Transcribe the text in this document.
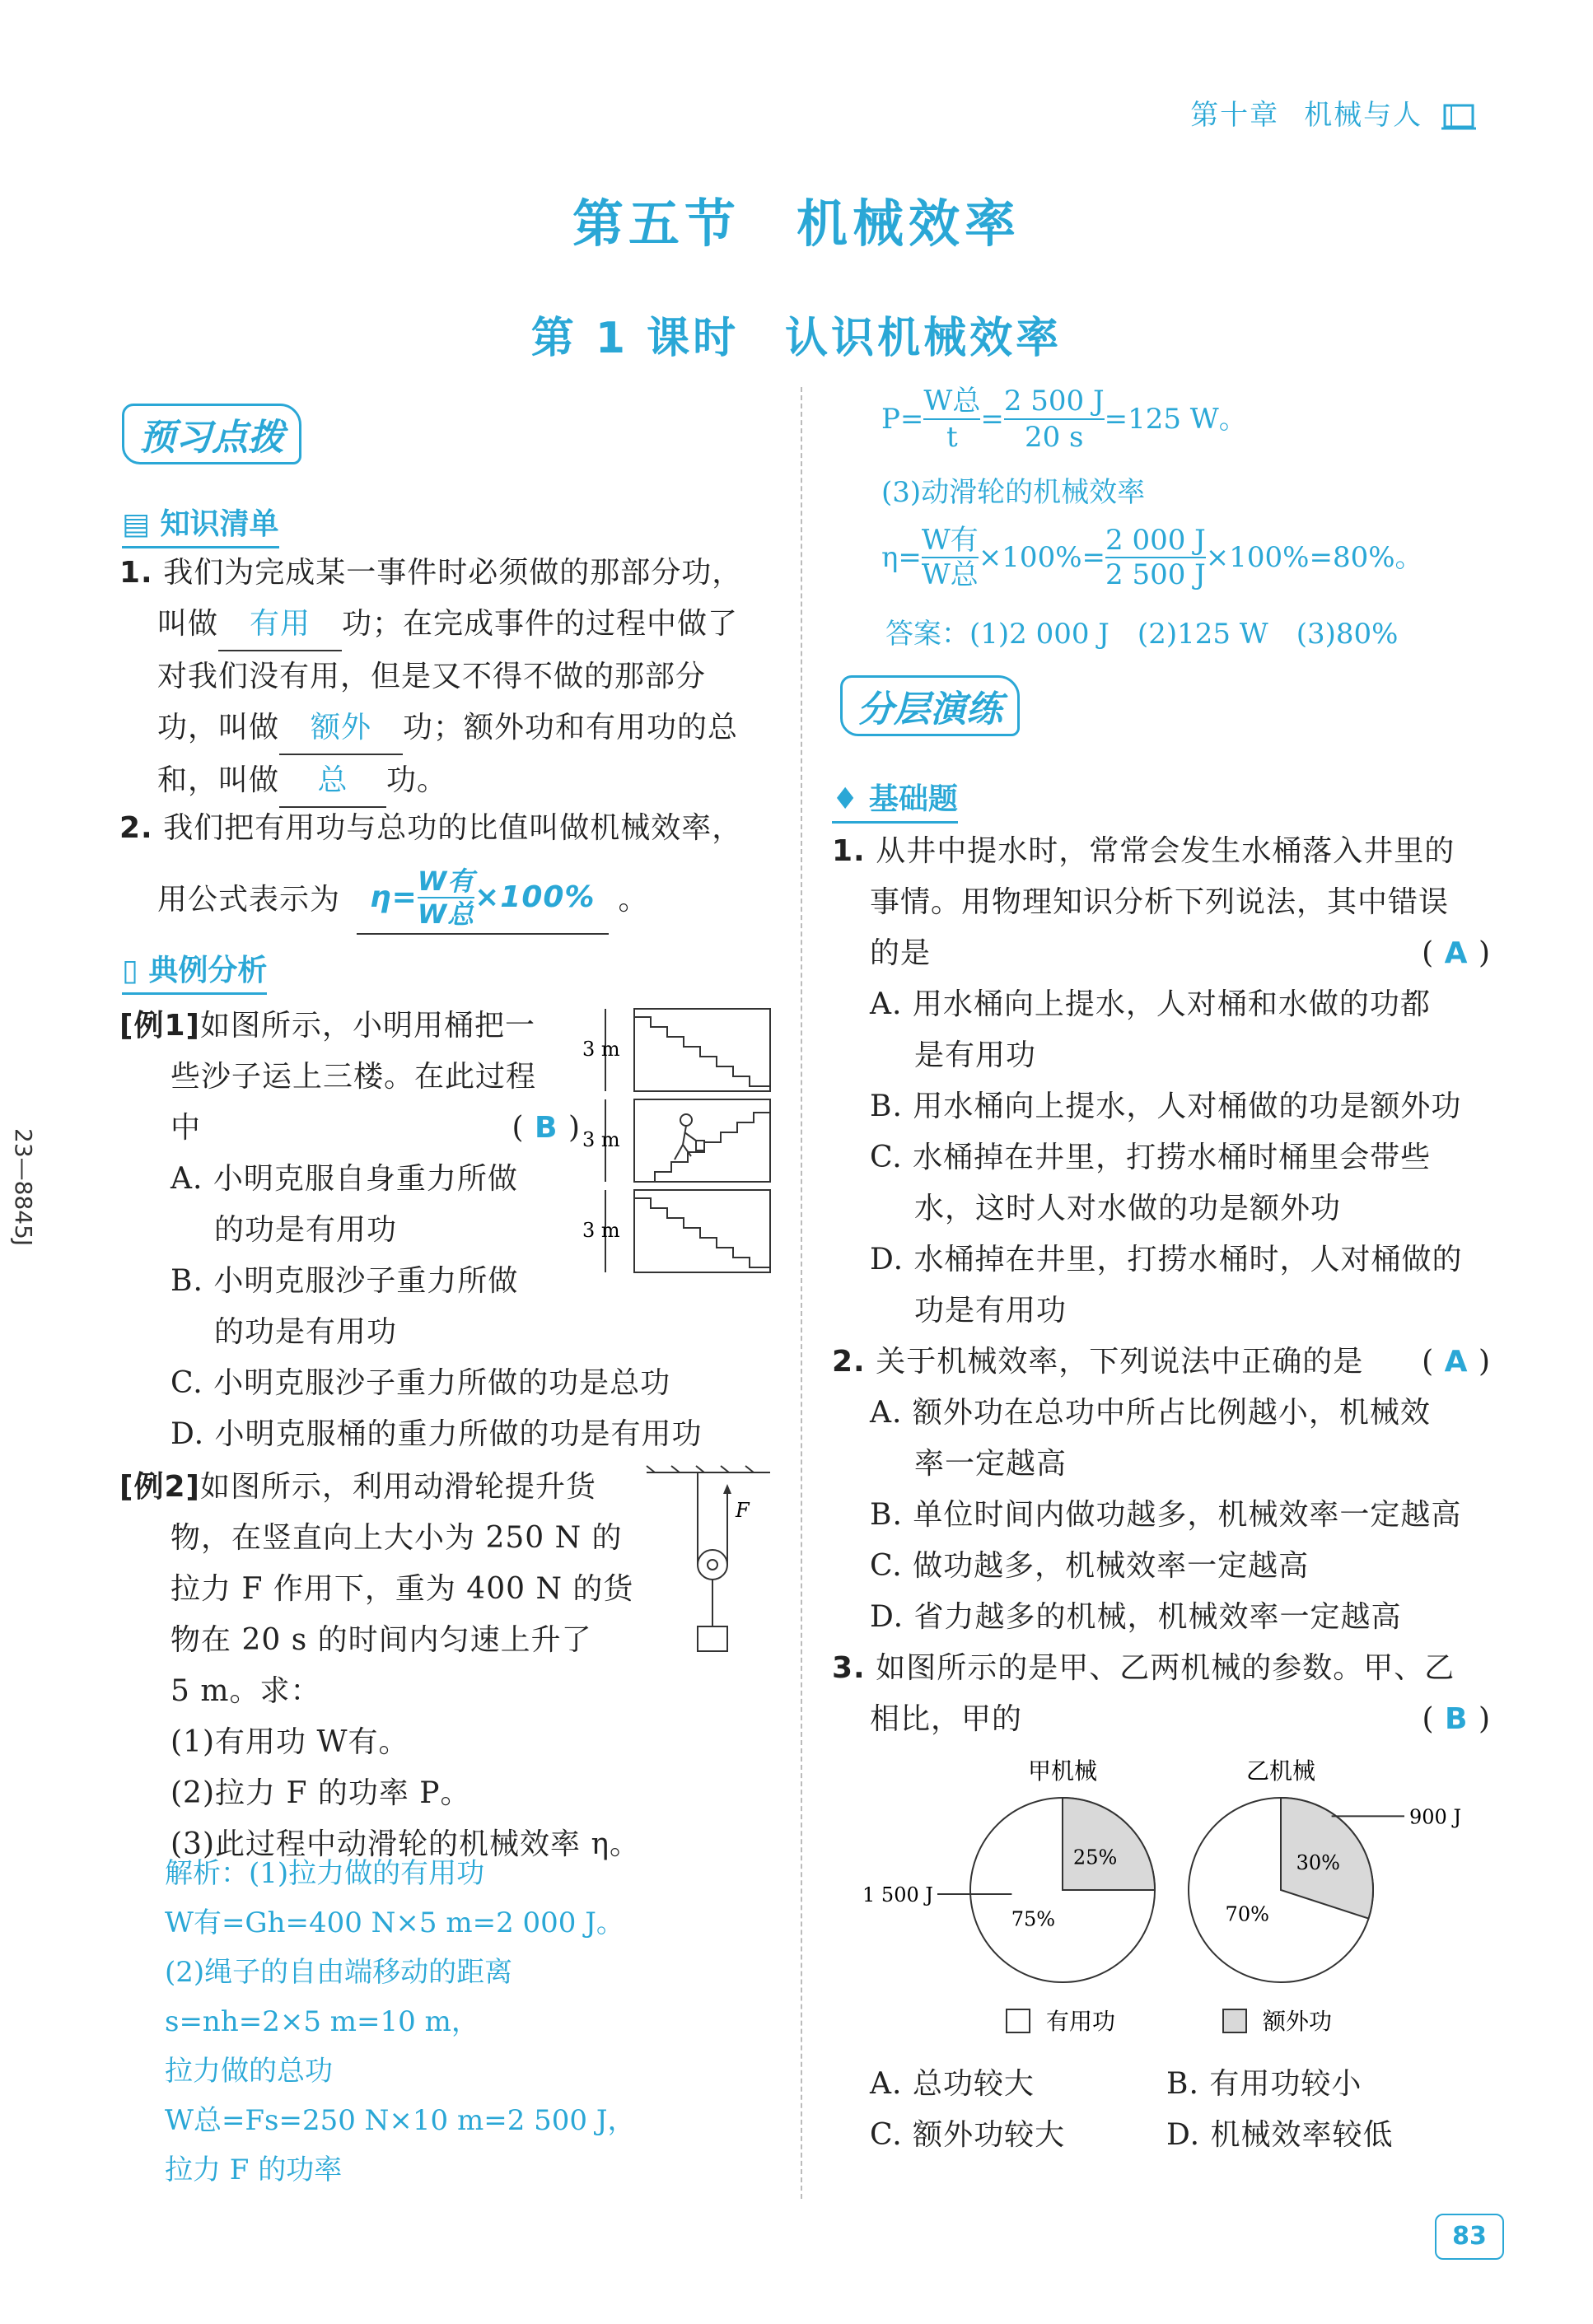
第十章 机械与人
第五节　机械效率
第 1 课时　认识机械效率
23—8845J
预习点拨
▤ 知识清单
1. 我们为完成某一事件时必须做的那部分功，
叫做 有用 功；在完成事件的过程中做了
对我们没有用，但是又不得不做的那部分
功，叫做 额外 功；额外功和有用功的总
和，叫做 总 功。
2. 我们把有用功与总功的比值叫做机械效率，
用公式表示为 η= W有
W总 ×100% 。
▯ 典例分析
[例1]如图所示，小明用桶把一
些沙子运上三楼。在此过程
中	( B )
A. 小明克服自身重力所做
的功是有用功
B. 小明克服沙子重力所做
的功是有用功
C. 小明克服沙子重力所做的功是总功
D. 小明克服桶的重力所做的功是有用功
3 m
3 m
3 m
[例2]如图所示，利用动滑轮提升货
物，在竖直向上大小为 250 N 的
拉力 F 作用下，重为 400 N 的货
物在 20 s 的时间内匀速上升了
5 m。求：
(1)有用功 W有。
(2)拉力 F 的功率 P。
(3)此过程中动滑轮的机械效率 η。
F
解析：(1)拉力做的有用功
W有=Gh=400 N×5 m=2 000 J。
(2)绳子的自由端移动的距离
s=nh=2×5 m=10 m，
拉力做的总功
W总=Fs=250 N×10 m=2 500 J，
拉力 F 的功率
P=
W总
t
= $\frac{2 500 J}{20 s} =125$ W。
(3)动滑轮的机械效率
η=
W有
W总
$\times 100\%= \frac{2 000 J}{2 500 J} \times 100\%=80\%$。
答案：(1)2 000 J　(2)125 W　(3)80%
分层演练
♦ 基础题
1. 从井中提水时，常常会发生水桶落入井里的
事情。用物理知识分析下列说法，其中错误
的是	( A )
A. 用水桶向上提水，人对桶和水做的功都
是有用功
B. 用水桶向上提水，人对桶做的功是额外功
C. 水桶掉在井里，打捞水桶时桶里会带些
水，这时人对水做的功是额外功
D. 水桶掉在井里，打捞水桶时，人对桶做的
功是有用功
2. 关于机械效率，下列说法中正确的是 ( A )
A. 额外功在总功中所占比例越小，机械效
率一定越高
B. 单位时间内做功越多，机械效率一定越高
C. 做功越多，机械效率一定越高
D. 省力越多的机械，机械效率一定越高
3. 如图所示的是甲、乙两机械的参数。甲、乙
相比，甲的	( B )
甲机械	乙机械
25%
75%
1 500 J
30%
70%
900 J
有用功	额外功
A. 总功较大	B. 有用功较小
C. 额外功较大	D. 机械效率较低
83
